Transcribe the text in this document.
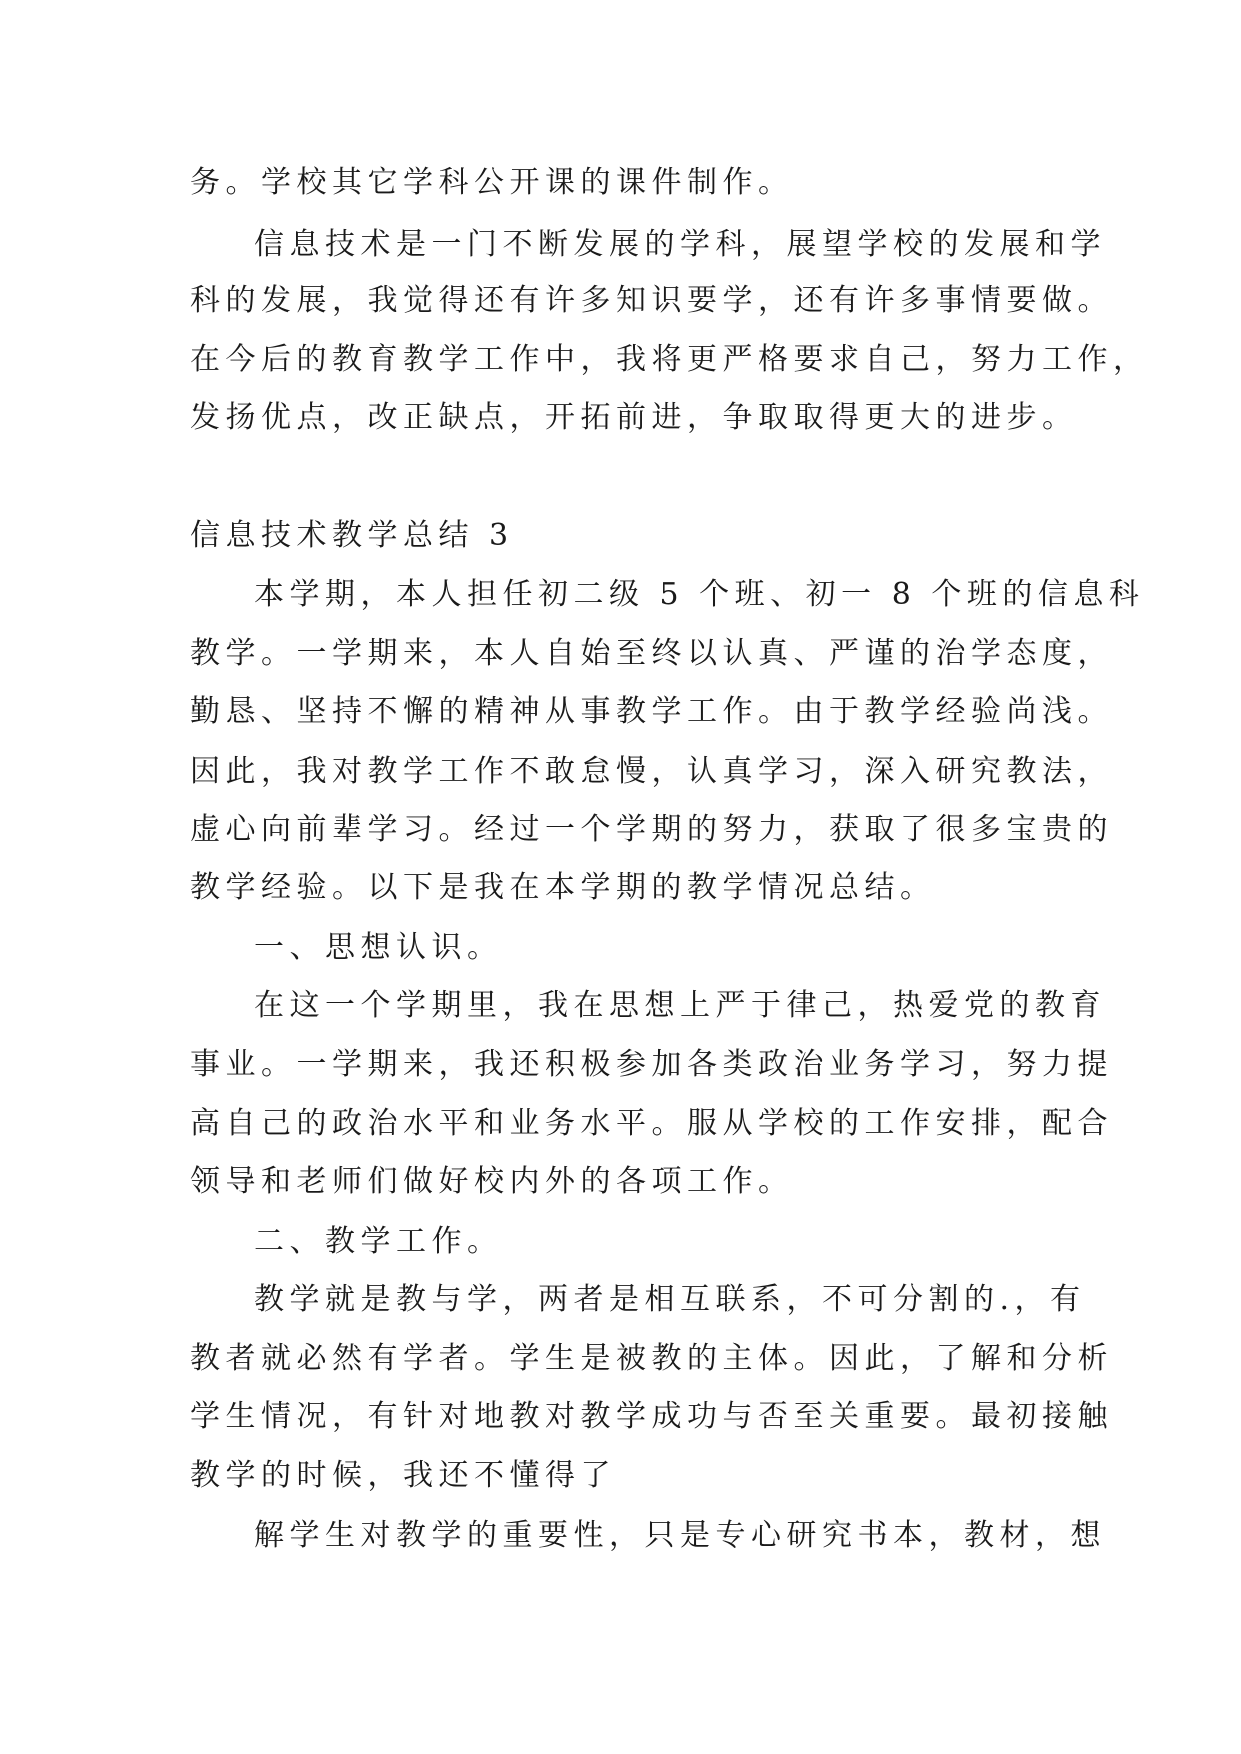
务。学校其它学科公开课的课件制作。
信息技术是一门不断发展的学科，展望学校的发展和学
科的发展，我觉得还有许多知识要学，还有许多事情要做。
在今后的教育教学工作中，我将更严格要求自己，努力工作，
发扬优点，改正缺点，开拓前进，争取取得更大的进步。
信息技术教学总结 3
本学期，本人担任初二级 5 个班、初一 8 个班的信息科
教学。一学期来，本人自始至终以认真、严谨的治学态度，
勤恳、坚持不懈的精神从事教学工作。由于教学经验尚浅。
因此，我对教学工作不敢怠慢，认真学习，深入研究教法，
虚心向前辈学习。经过一个学期的努力，获取了很多宝贵的
教学经验。以下是我在本学期的教学情况总结。
一、思想认识。
在这一个学期里，我在思想上严于律己，热爱党的教育
事业。一学期来，我还积极参加各类政治业务学习，努力提
高自己的政治水平和业务水平。服从学校的工作安排，配合
领导和老师们做好校内外的各项工作。
二、教学工作。
教学就是教与学，两者是相互联系，不可分割的.，有
教者就必然有学者。学生是被教的主体。因此，了解和分析
学生情况，有针对地教对教学成功与否至关重要。最初接触
教学的时候，我还不懂得了
解学生对教学的重要性，只是专心研究书本，教材，想
